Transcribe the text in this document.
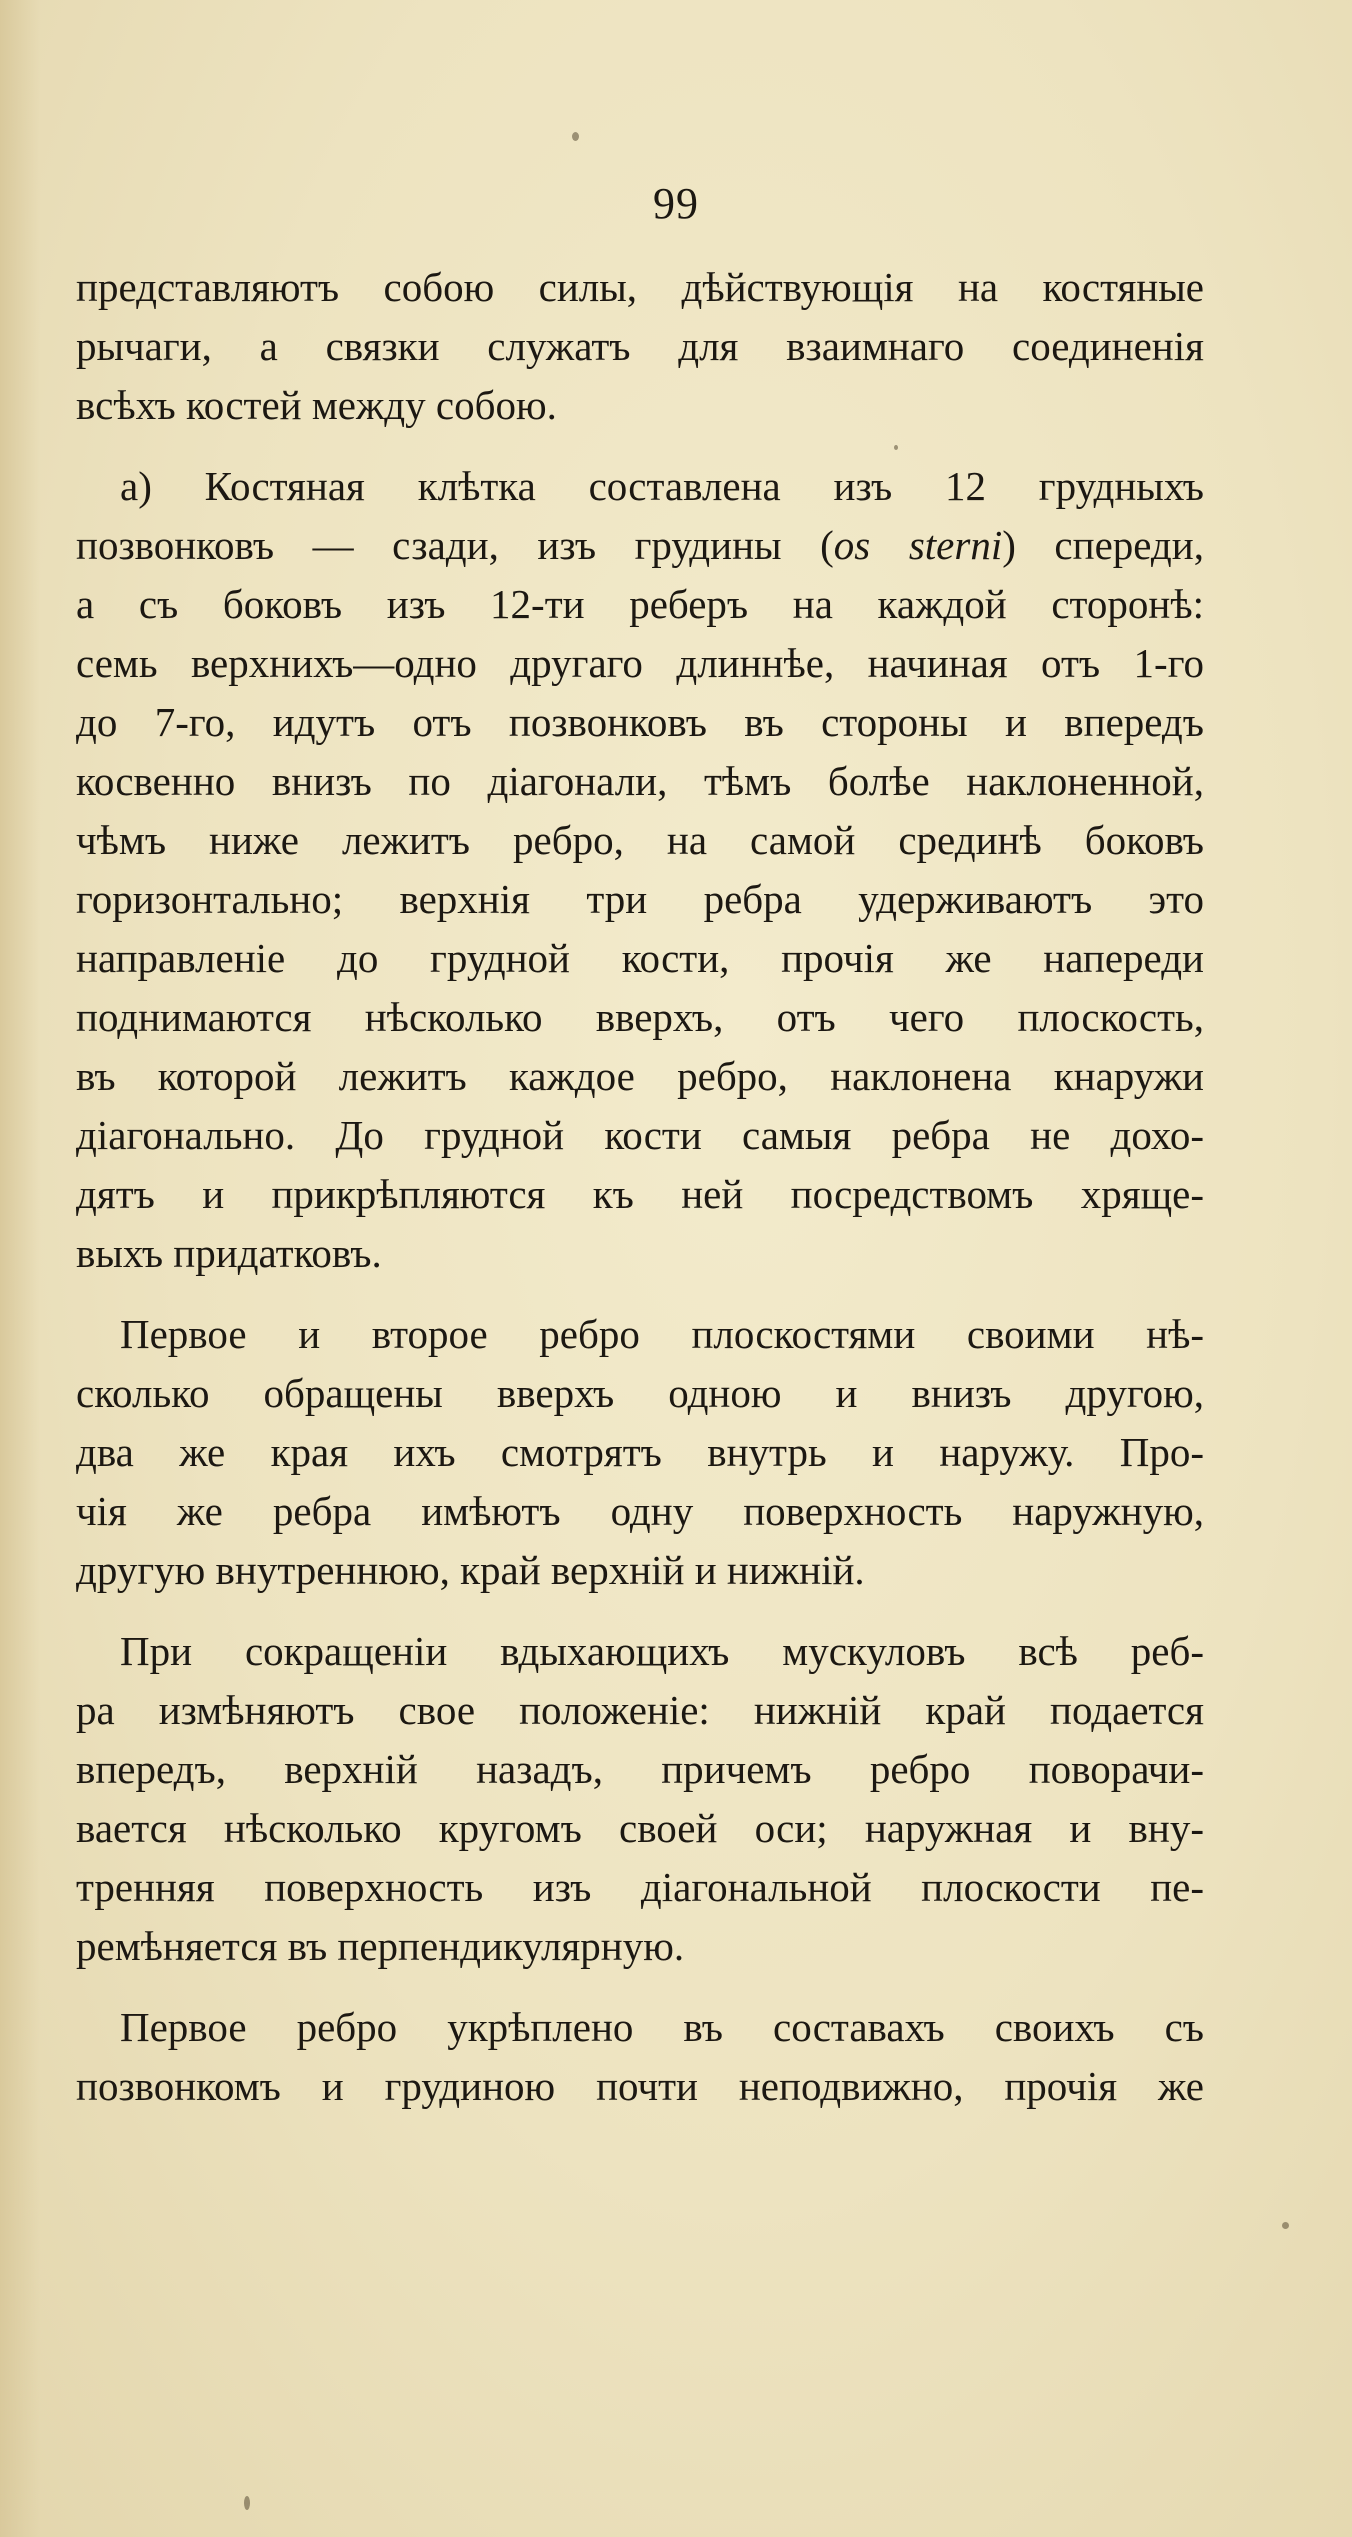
99

представляютъ собою силы, дѣйствующія на костяные
рычаги, а связки служатъ для взаимнаго соединенія
всѣхъ костей между собою.

а) Костяная клѣтка составлена изъ 12 грудныхъ
позвонковъ — сзади, изъ грудины (os sterni) спереди,
а съ боковъ изъ 12-ти реберъ на каждой сторонѣ:
семь верхнихъ—одно другаго длиннѣе, начиная отъ 1-го
до 7-го, идутъ отъ позвонковъ въ стороны и впередъ
косвенно внизъ по діагонали, тѣмъ болѣе наклоненной,
чѣмъ ниже лежитъ ребро, на самой срединѣ боковъ
горизонтально; верхнія три ребра удерживаютъ это
направленіе до грудной кости, прочія же напереди
поднимаются нѣсколько вверхъ, отъ чего плоскость,
въ которой лежитъ каждое ребро, наклонена кнаружи
діагонально. До грудной кости самыя ребра не дохо-
дятъ и прикрѣпляются къ ней посредствомъ хряще-
выхъ придатковъ.

Первое и второе ребро плоскостями своими нѣ-
сколько обращены вверхъ одною и внизъ другою,
два же края ихъ смотрятъ внутрь и наружу. Про-
чія же ребра имѣютъ одну поверхность наружную,
другую внутреннюю, край верхній и нижній.

При сокращеніи вдыхающихъ мускуловъ всѣ реб-
ра измѣняютъ свое положеніе: нижній край подается
впередъ, верхній назадъ, причемъ ребро поворачи-
вается нѣсколько кругомъ своей оси; наружная и вну-
тренняя поверхность изъ діагональной плоскости пе-
ремѣняется въ перпендикулярную.

Первое ребро укрѣплено въ составахъ своихъ съ
позвонкомъ и грудиною почти неподвижно, прочія же
